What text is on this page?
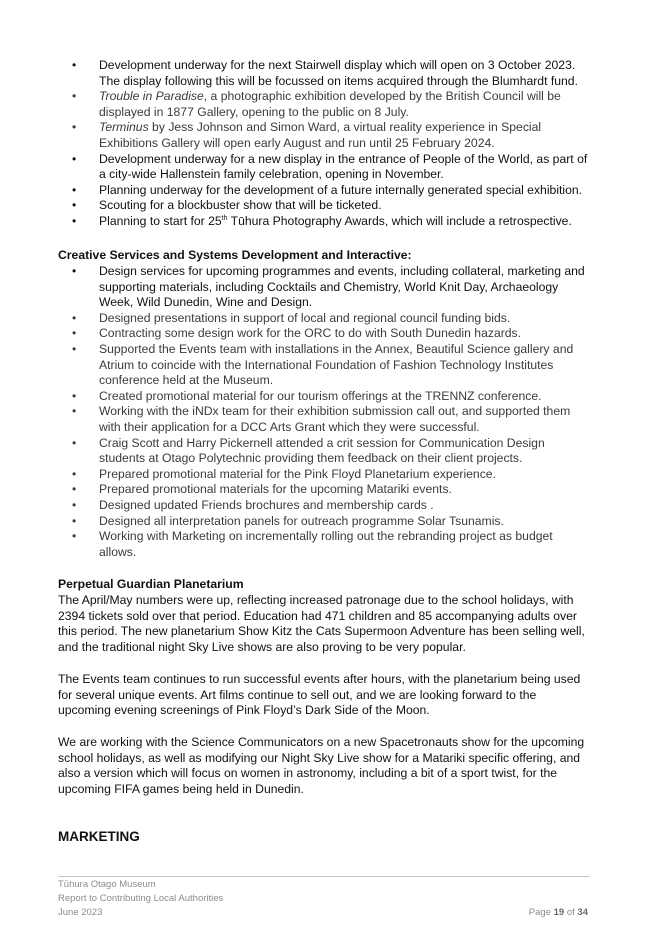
• Development underway for the next Stairwell display which will open on 3 October 2023. The display following this will be focussed on items acquired through the Blumhardt fund.
• Trouble in Paradise, a photographic exhibition developed by the British Council will be displayed in 1877 Gallery, opening to the public on 8 July.
• Terminus by Jess Johnson and Simon Ward, a virtual reality experience in Special Exhibitions Gallery will open early August and run until 25 February 2024.
• Development underway for a new display in the entrance of People of the World, as part of a city-wide Hallenstein family celebration, opening in November.
• Planning underway for the development of a future internally generated special exhibition.
• Scouting for a blockbuster show that will be ticketed.
• Planning to start for 25th Tūhura Photography Awards, which will include a retrospective.
Creative Services and Systems Development and Interactive:
• Design services for upcoming programmes and events, including collateral, marketing and supporting materials, including Cocktails and Chemistry, World Knit Day, Archaeology Week, Wild Dunedin, Wine and Design.
• Designed presentations in support of local and regional council funding bids.
• Contracting some design work for the ORC to do with South Dunedin hazards.
• Supported the Events team with installations in the Annex, Beautiful Science gallery and Atrium to coincide with the International Foundation of Fashion Technology Institutes conference held at the Museum.
• Created promotional material for our tourism offerings at the TRENNZ conference.
• Working with the iNDx team for their exhibition submission call out, and supported them with their application for a DCC Arts Grant which they were successful.
• Craig Scott and Harry Pickernell attended a crit session for Communication Design students at Otago Polytechnic providing them feedback on their client projects.
• Prepared promotional material for the Pink Floyd Planetarium experience.
• Prepared promotional materials for the upcoming Matariki events.
• Designed updated Friends brochures and membership cards .
• Designed all interpretation panels for outreach programme Solar Tsunamis.
• Working with Marketing on incrementally rolling out the rebranding project as budget allows.
Perpetual Guardian Planetarium

The April/May numbers were up, reflecting increased patronage due to the school holidays, with 2394 tickets sold over that period. Education had 471 children and 85 accompanying adults over this period. The new planetarium Show Kitz the Cats Supermoon Adventure has been selling well, and the traditional night Sky Live shows are also proving to be very popular.

The Events team continues to run successful events after hours, with the planetarium being used for several unique events. Art films continue to sell out, and we are looking forward to the upcoming evening screenings of Pink Floyd’s Dark Side of the Moon.

We are working with the Science Communicators on a new Spacetronauts show for the upcoming school holidays, as well as modifying our Night Sky Live show for a Matariki specific offering, and also a version which will focus on women in astronomy, including a bit of a sport twist, for the upcoming FIFA games being held in Dunedin.

MARKETING
Tūhura Otago Museum
Report to Contributing Local Authorities
June 2023	Page 19 of 34
